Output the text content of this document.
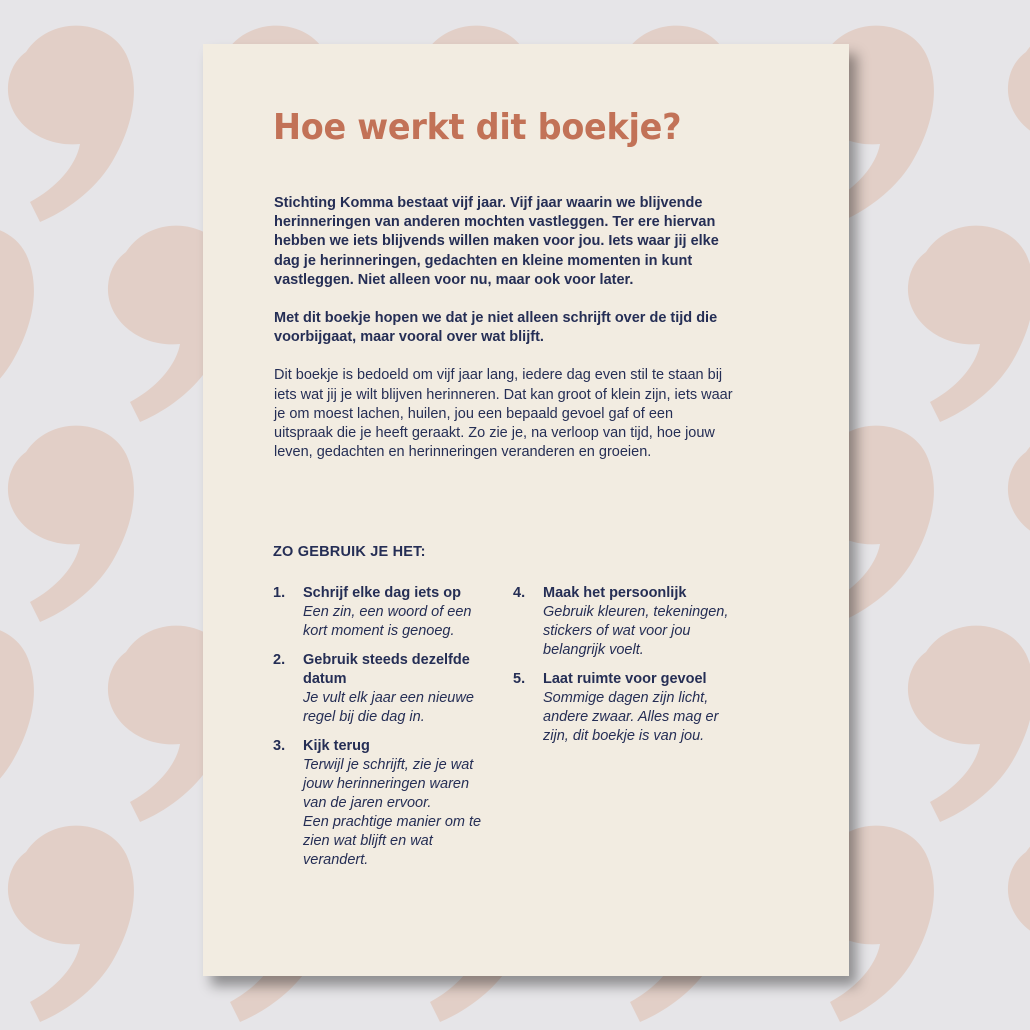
Hoe werkt dit boekje?

Stichting Komma bestaat vijf jaar. Vijf jaar waarin we blijvende herinneringen van anderen mochten vastleggen. Ter ere hiervan hebben we iets blijvends willen maken voor jou. Iets waar jij elke dag je herinneringen, gedachten en kleine momenten in kunt vastleggen. Niet alleen voor nu, maar ook voor later.

Met dit boekje hopen we dat je niet alleen schrijft over de tijd die voorbijgaat, maar vooral over wat blijft.

Dit boekje is bedoeld om vijf jaar lang, iedere dag even stil te staan bij iets wat jij je wilt blijven herinneren. Dat kan groot of klein zijn, iets waar je om moest lachen, huilen, jou een bepaald gevoel gaf of een uitspraak die je heeft geraakt. Zo zie je, na verloop van tijd, hoe jouw leven, gedachten en herinneringen veranderen en groeien.

ZO GEBRUIK JE HET:
1. Schrijf elke dag iets op
Een zin, een woord of een kort moment is genoeg.
2. Gebruik steeds dezelfde datum
Je vult elk jaar een nieuwe regel bij die dag in.
3. Kijk terug
Terwijl je schrijft, zie je wat jouw herinneringen waren van de jaren ervoor.
Een prachtige manier om te zien wat blijft en wat verandert.
4. Maak het persoonlijk
Gebruik kleuren, tekeningen, stickers of wat voor jou belangrijk voelt.
5. Laat ruimte voor gevoel
Sommige dagen zijn licht, andere zwaar. Alles mag er zijn, dit boekje is van jou.
